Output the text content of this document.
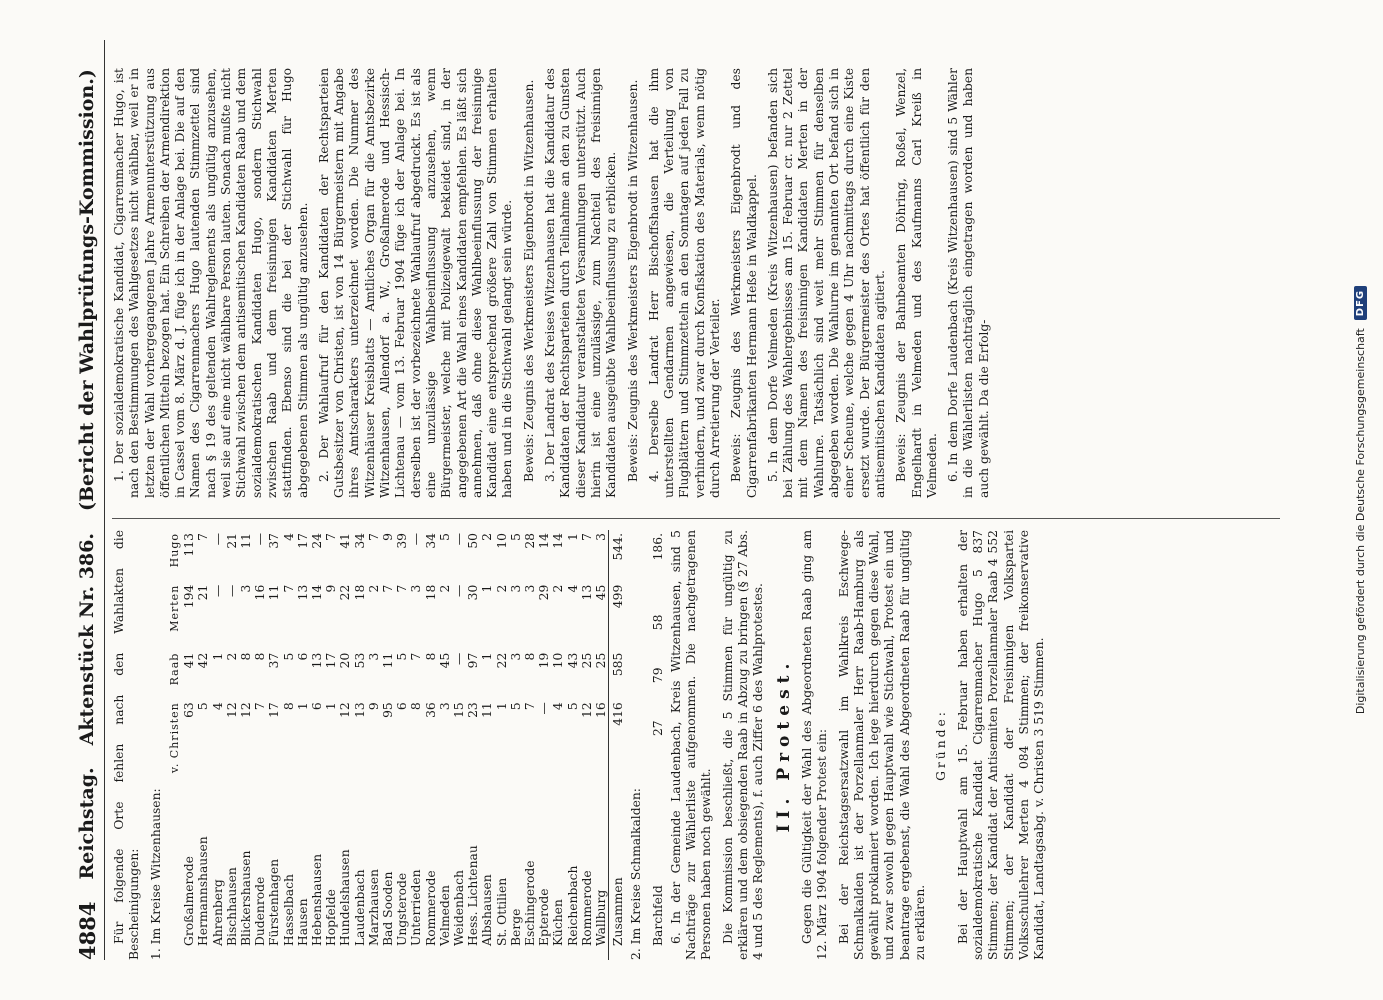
4884
Reichstag.
Aktenstück Nr. 386.
(Bericht der Wahlprüfungs-Kommission.)

Für folgende Orte fehlen nach den Wahlakten die Bescheinigungen: 1. Im Kreise Witzenhausen:

	v. Christen	Raab	Merten	Hugo
Großalmerode	63	41	194	113
Hermannshausen	5	42	21	7
Ahrenberg	4	1	—	—
Bischhausen	12	2	—	21
Blickershausen	12	8	3	11
Dudenrode	7	8	16	—
Fürstenhagen	17	37	11	37
Hasselbach	8	5	7	4
Hausen	1	6	13	17
Hebenshausen	6	13	14	24
Hopfelde	1	17	9	7
Hundelshausen	12	20	22	41
Laudenbach	13	53	18	34
Marzhausen	9	3	2	7
Bad Sooden	95	11	7	9
Ungsterode	6	5	7	39
Unterrieden	8	7	3	—
Rommerode	36	8	18	34
Velmeden	3	45	2	5
Weidenbach	15	—	—	—
Hess. Lichtenau	23	97	30	50
Albshausen	11	1	1	2
St. Ottilien	1	22	2	10
Berge	5	3	3	5
Eschingerode	7	8	3	28
Epterode	—	19	29	14
Küchen	4	10	2	14
Reichenbach	5	43	4	1
Rommerode	12	25	13	7
Wallburg	16	25	45	3
Zusammen	416	585	499	544.

2. Im Kreise Schmalkalden: Barchfeld	27	79	58	186. 6. In der Gemeinde Laudenbach, Kreis Witzenhausen, sind 5 Nachträge zur Wählerliste aufgenommen. Die nachgetragenen Personen haben noch gewählt. Die Kommission beschließt, die 5 Stimmen für ungültig zu erklären und dem obsiegenden Raab in Abzug zu bringen (§ 27 Abs. 4 und 5 des Reglements), f. auch Ziffer 6 des Wahlprotestes. II. Protest. Gegen die Gültigkeit der Wahl des Abgeordneten Raab ging am 12. März 1904 folgender Protest ein: Bei der Reichstagsersatzwahl im Wahlkreis Eschwege-Schmalkalden ist der Porzellanmaler Herr Raab-Hamburg als gewählt proklamiert worden. Ich lege hierdurch gegen diese Wahl, und zwar sowohl gegen Hauptwahl wie Stichwahl, Protest ein und beantrage ergebenst, die Wahl des Abgeordneten Raab für ungültig zu erklären.

Gründe: Bei der Hauptwahl am 15. Februar haben erhalten der sozialdemokratische Kandidat Cigarrenmacher Hugo 5 837 Stimmen; der Kandidat der Antisemiten Porzellanmaler Raab 4 552 Stimmen; der Kandidat der Freisinnigen Volkspartei Volksschullehrer Merten 4 084 Stimmen; der freikonservative Kandidat, Landtagsabg. v. Christen 3 519 Stimmen.

1. Der sozialdemokratische Kandidat, Cigarrenmacher Hugo, ist nach den Bestimmungen des Wahlgesetzes nicht wählbar, weil er in letzten der Wahl vorhergegangenen Jahre Armenunterstützung aus öffentlichen Mitteln bezogen hat. Ein Schreiben der Armendirektion in Cassel vom 8. März d. J. füge ich in der Anlage bei. Die auf den Namen des Cigarrenmachers Hugo lautenden Stimmzettel sind nach § 19 des geltenden Wahlreglements als ungültig anzusehen, weil sie auf eine nicht wählbare Person lauten. Sonach mußte nicht Stichwahl zwischen dem antisemitischen Kandidaten Raab und dem sozialdemokratischen Kandidaten Hugo, sondern Stichwahl zwischen Raab und dem freisinnigen Kandidaten Merten stattfinden. Ebenso sind die bei der Stichwahl für Hugo abgegebenen Stimmen als ungültig anzusehen. 2. Der Wahlaufruf für den Kandidaten der Rechtsparteien Gutsbesitzer von Christen, ist von 14 Bürgermeistern mit Angabe ihres Amtscharakters unterzeichnet worden. Die Nummer des Witzenhäuser Kreisblatts — Amtliches Organ für die Amtsbezirke Witzenhausen, Allendorf a. W., Großalmerode und Hessisch-Lichtenau — vom 13. Februar 1904 füge ich der Anlage bei. In derselben ist der vorbezeichnete Wahlaufruf abgedruckt. Es ist als eine unzulässige Wahlbeeinflussung anzusehen, wenn Bürgermeister, welche mit Polizeigewalt bekleidet sind, in der angegebenen Art die Wahl eines Kandidaten empfehlen. Es läßt sich annehmen, daß ohne diese Wahlbeeinflussung der freisinnige Kandidat eine entsprechend größere Zahl von Stimmen erhalten haben und in die Stichwahl gelangt sein würde. Beweis: Zeugnis des Werkmeisters Eigenbrodt in Witzenhausen. 3. Der Landrat des Kreises Witzenhausen hat die Kandidatur des Kandidaten der Rechtsparteien durch Teilnahme an den zu Gunsten dieser Kandidatur veranstalteten Versammlungen unterstützt. Auch hierin ist eine unzulässige, zum Nachteil des freisinnigen Kandidaten ausgeübte Wahlbeeinflussung zu erblicken. Beweis: Zeugnis des Werkmeisters Eigenbrodt in Witzenhausen. 4. Derselbe Landrat Herr Bischoffshausen hat die ihm unterstellten Gendarmen angewiesen, die Verteilung von Flugblättern und Stimmzetteln an den Sonntagen auf jeden Fall zu verhindern, und zwar durch Konfiskation des Materials, wenn nötig durch Arretierung der Verteiler. Beweis: Zeugnis des Werkmeisters Eigenbrodt und des Cigarrenfabrikanten Hermann Heße in Waldkappel. 5. In dem Dorfe Velmeden (Kreis Witzenhausen) befanden sich bei Zählung des Wahlergebnisses am 15. Februar cr. nur 2 Zettel mit dem Namen des freisinnigen Kandidaten Merten in der Wahlurne. Tatsächlich sind weit mehr Stimmen für denselben abgegeben worden. Die Wahlurne im genannten Ort befand sich in einer Scheune, welche gegen 4 Uhr nachmittags durch eine Kiste ersetzt wurde. Der Bürgermeister des Ortes hat öffentlich für den antisemitischen Kandidaten agitiert. Beweis: Zeugnis der Bahnbeamten Döhring, Roßel, Wenzel, Engelhardt in Velmeden und des Kaufmanns Carl Kreiß in Velmeden. 6. In dem Dorfe Laudenbach (Kreis Witzenhausen) sind 5 Wähler in die Wählerlisten nachträglich eingetragen worden und haben auch gewählt. Da die Erfolg-	Digitalisierung gefördert durch die Deutsche Forschungsgemeinschaft
DFG
